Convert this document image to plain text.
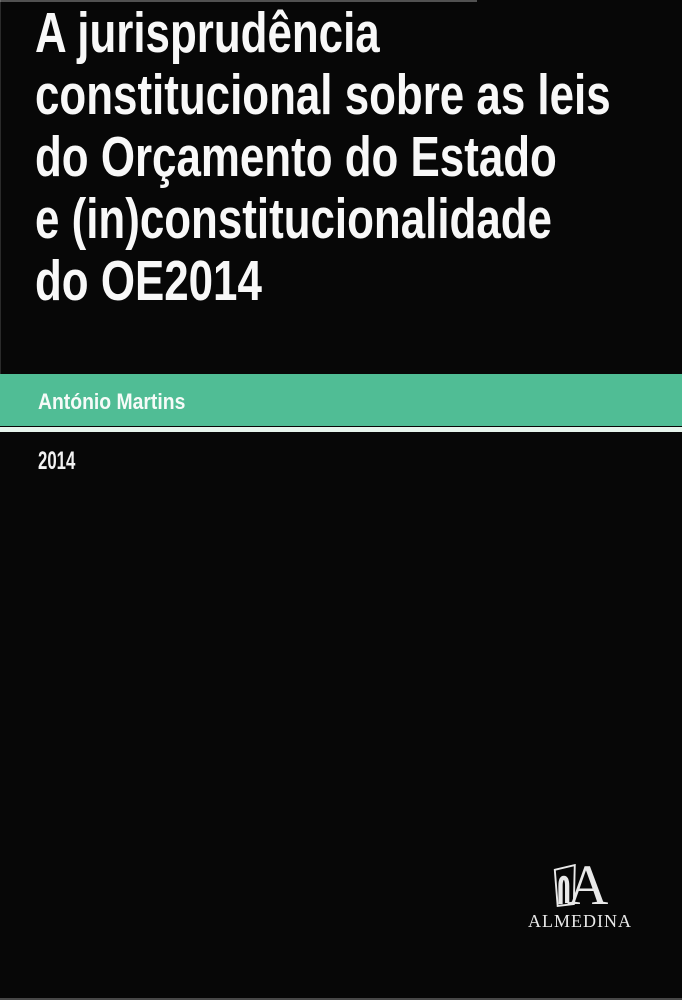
A jurisprudência
constitucional sobre as leis
do Orçamento do Estado
e (in)constitucionalidade
do OE2014
António Martins
2014
A
ALMEDINA
